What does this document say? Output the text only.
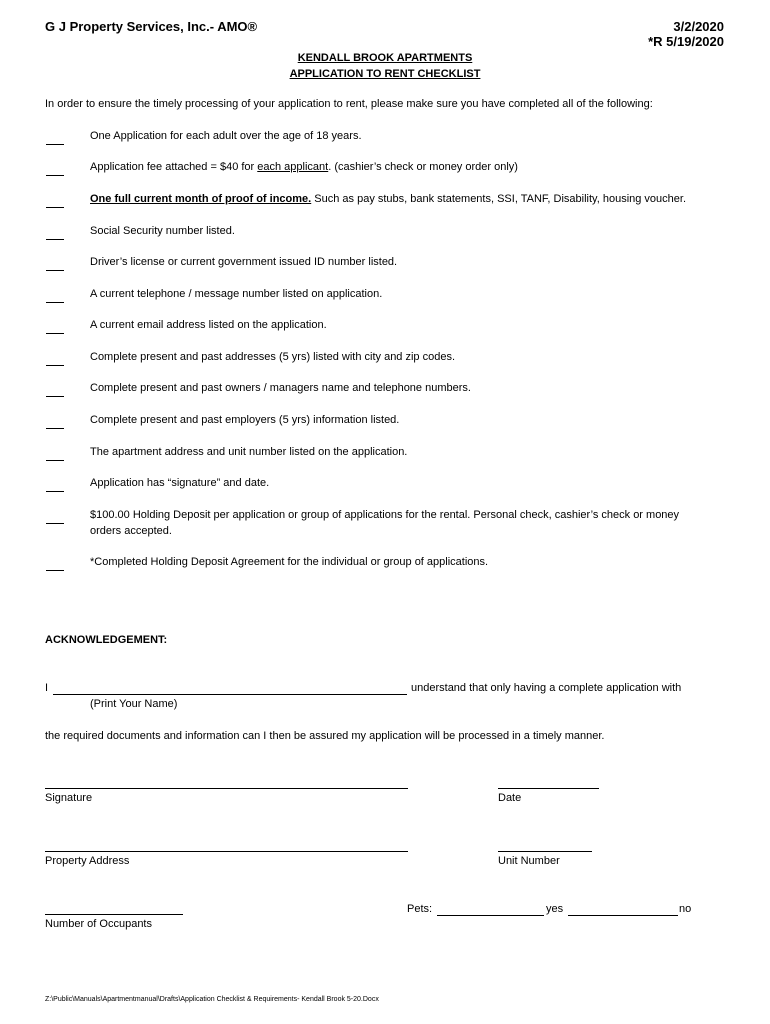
G J Property Services, Inc.- AMO®	3/2/2020
*R 5/19/2020
KENDALL BROOK APARTMENTS
APPLICATION TO RENT CHECKLIST
In order to ensure the timely processing of your application to rent, please make sure you have completed all of the following:
One Application for each adult over the age of 18 years.
Application fee attached = $40 for each applicant. (cashier’s check or money order only)
One full current month of proof of income. Such as pay stubs, bank statements, SSI, TANF, Disability, housing voucher.
Social Security number listed.
Driver’s license or current government issued ID number listed.
A current telephone / message number listed on application.
A current email address listed on the application.
Complete present and past addresses (5 yrs) listed with city and zip codes.
Complete present and past owners / managers name and telephone numbers.
Complete present and past employers (5 yrs) information listed.
The apartment address and unit number listed on the application.
Application has “signature” and date.
$100.00 Holding Deposit per application or group of applications for the rental. Personal check, cashier’s check or money
orders accepted.
*Completed Holding Deposit Agreement for the individual or group of applications.
ACKNOWLEDGEMENT:
I	understand that only having a complete application with
(Print Your Name)
the required documents and information can I then be assured my application will be processed in a timely manner.
Signature	Date
Property Address	Unit Number
Pets:	yes	no
Number of Occupants
Z:\Public\Manuals\Apartmentmanual\Drafts\Application Checklist & Requirements- Kendall Brook 5-20.Docx
